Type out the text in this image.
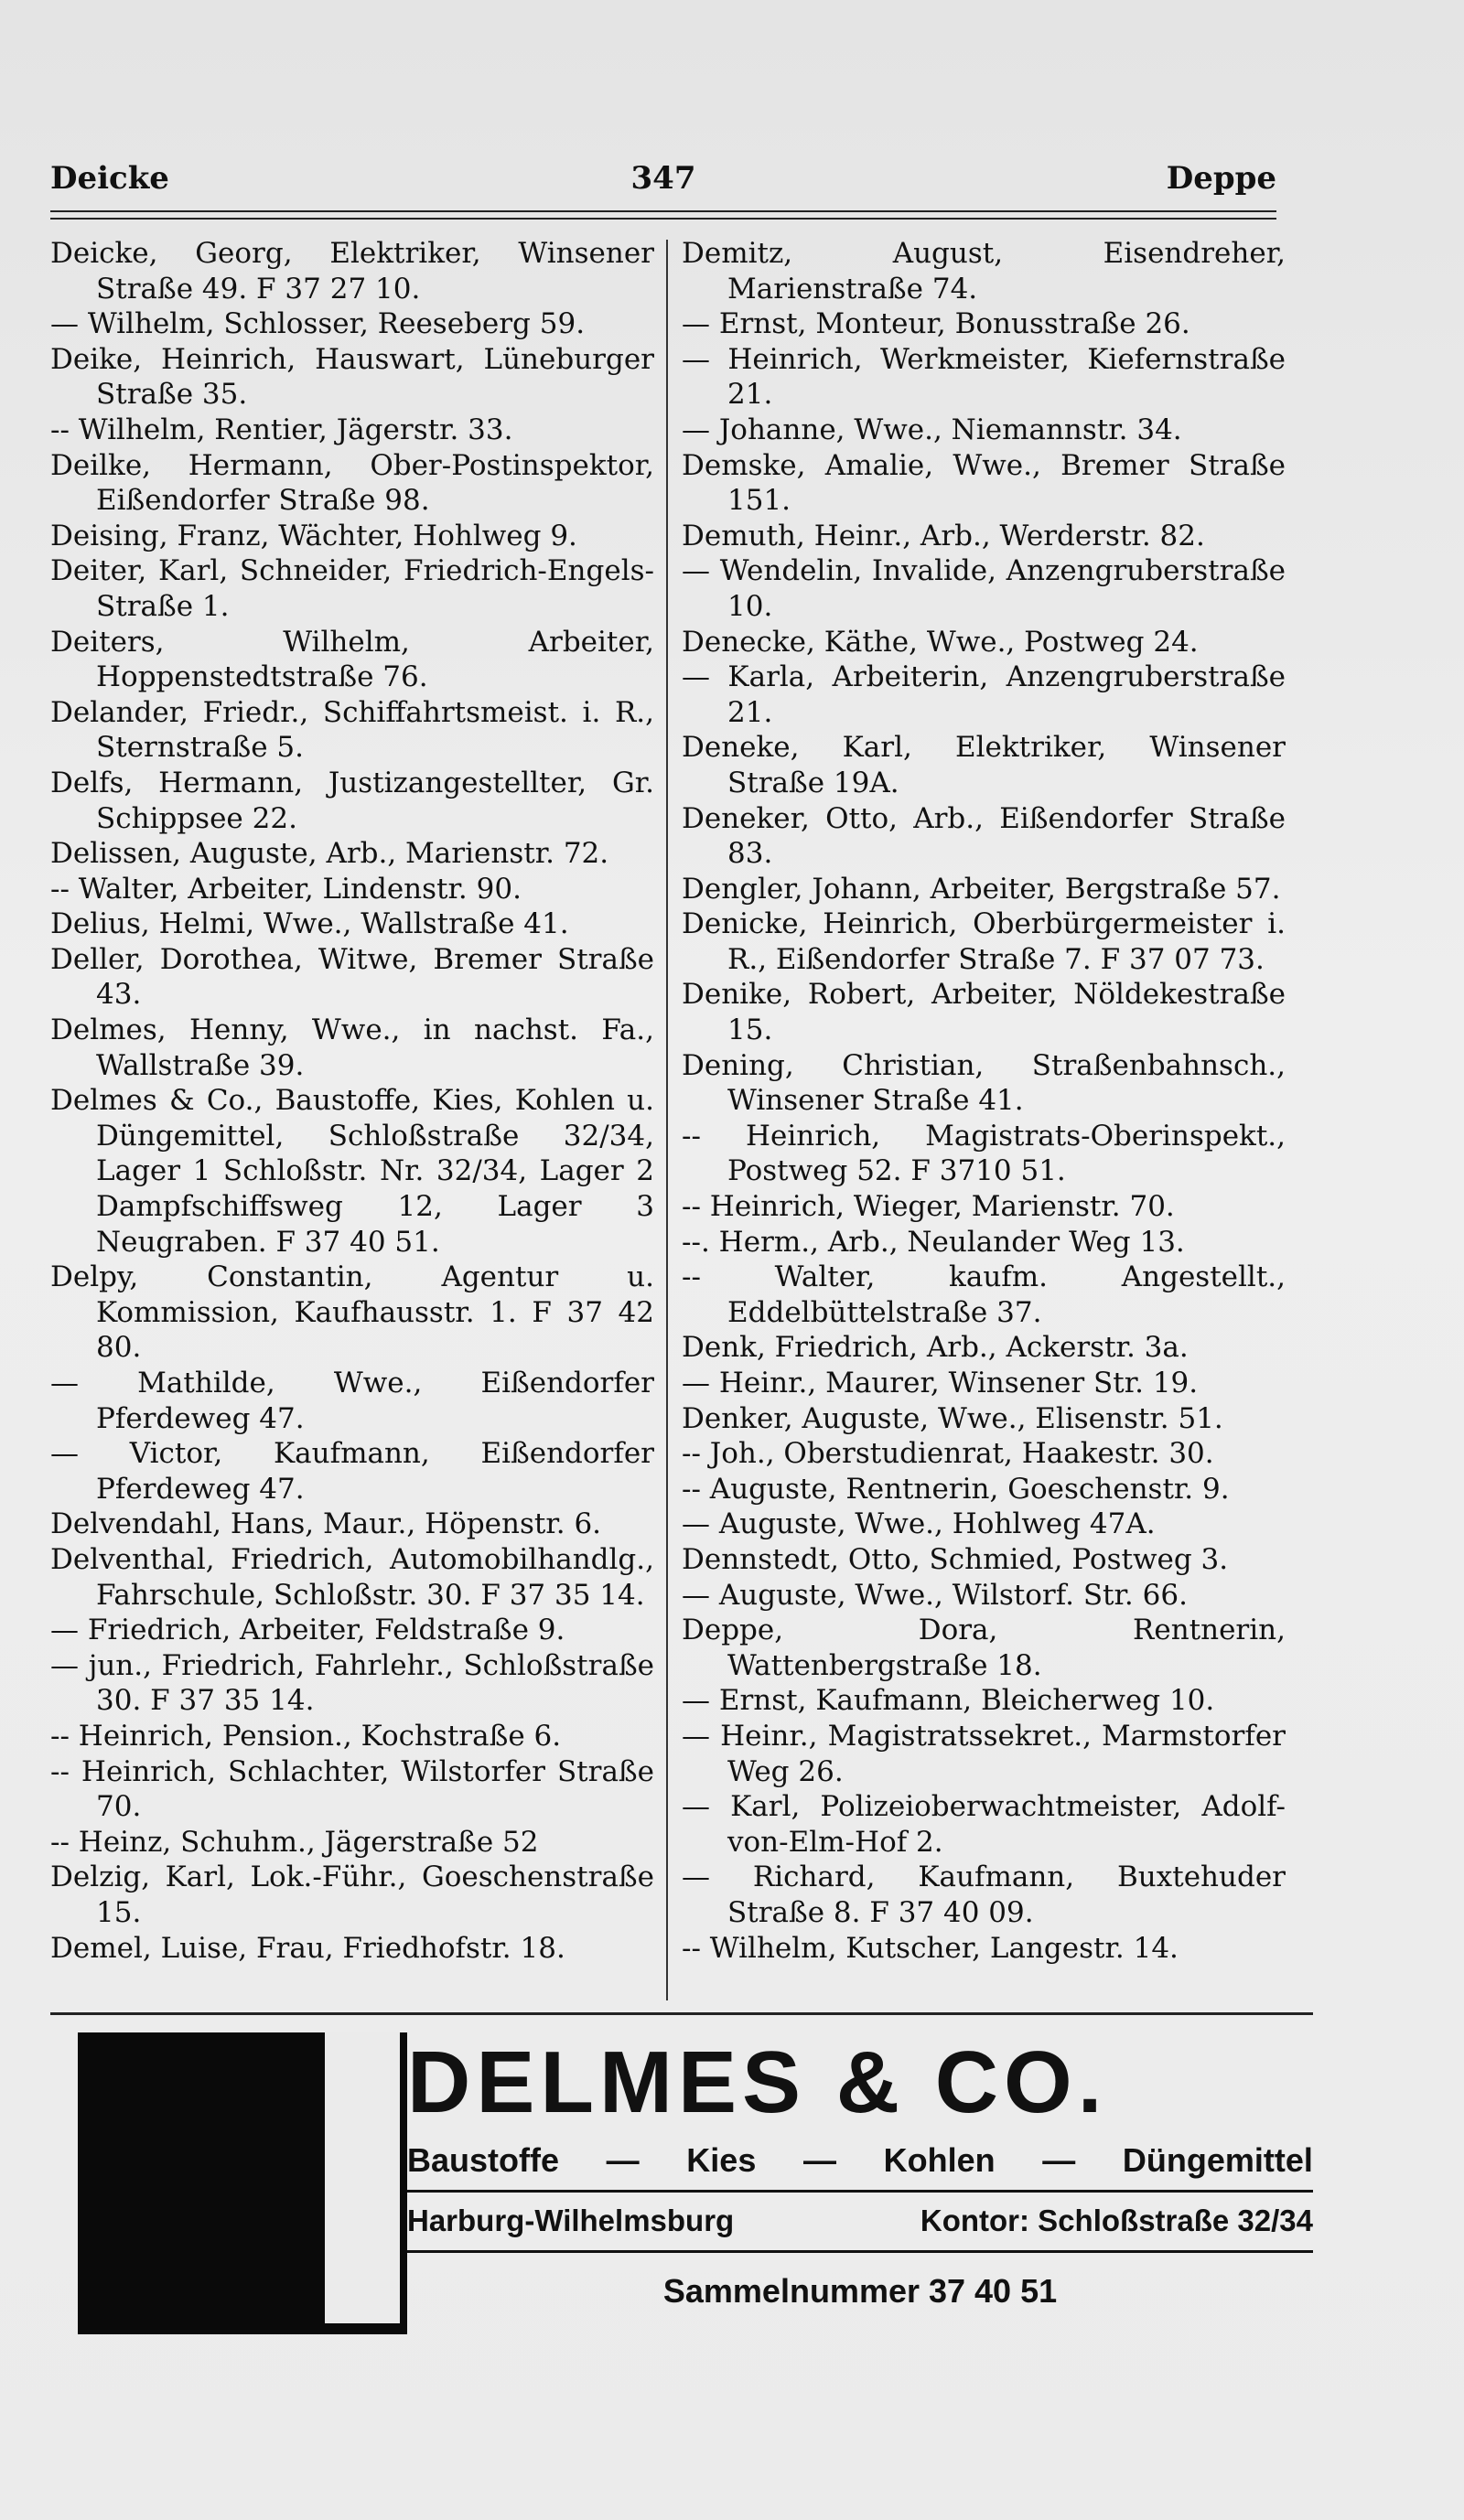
Deicke	347	Deppe
Deicke, Georg, Elektriker, Winsener Straße 49. F 37 27 10.
— Wilhelm, Schlosser, Reeseberg 59.
Deike, Heinrich, Hauswart, Lüneburger Straße 35.
-- Wilhelm, Rentier, Jägerstr. 33.
Deilke, Hermann, Ober-Postinspektor, Eißendorfer Straße 98.
Deising, Franz, Wächter, Hohlweg 9.
Deiter, Karl, Schneider, Friedrich-Engels-Straße 1.
Deiters, Wilhelm, Arbeiter, Hoppenstedtstraße 76.
Delander, Friedr., Schiffahrtsmeist. i. R., Sternstraße 5.
Delfs, Hermann, Justizangestellter, Gr. Schippsee 22.
Delissen, Auguste, Arb., Marienstr. 72.
-- Walter, Arbeiter, Lindenstr. 90.
Delius, Helmi, Wwe., Wallstraße 41.
Deller, Dorothea, Witwe, Bremer Straße 43.
Delmes, Henny, Wwe., in nachst. Fa., Wallstraße 39.
Delmes & Co., Baustoffe, Kies, Kohlen u. Düngemittel, Schloßstraße 32/34, Lager 1 Schloßstr. Nr. 32/34, Lager 2 Dampfschiffsweg 12, Lager 3 Neugraben. F 37 40 51.
Delpy, Constantin, Agentur u. Kommission, Kaufhausstr. 1. F 37 42 80.
— Mathilde, Wwe., Eißendorfer Pferdeweg 47.
— Victor, Kaufmann, Eißendorfer Pferdeweg 47.
Delvendahl, Hans, Maur., Höpenstr. 6.
Delventhal, Friedrich, Automobilhandlg., Fahrschule, Schloßstr. 30. F 37 35 14.
— Friedrich, Arbeiter, Feldstraße 9.
— jun., Friedrich, Fahrlehr., Schloßstraße 30. F 37 35 14.
-- Heinrich, Pension., Kochstraße 6.
-- Heinrich, Schlachter, Wilstorfer Straße 70.
-- Heinz, Schuhm., Jägerstraße 52
Delzig, Karl, Lok.-Führ., Goeschenstraße 15.
Demel, Luise, Frau, Friedhofstr. 18.
Demitz, August, Eisendreher, Marienstraße 74.
— Ernst, Monteur, Bonusstraße 26.
— Heinrich, Werkmeister, Kiefernstraße 21.
— Johanne, Wwe., Niemannstr. 34.
Demske, Amalie, Wwe., Bremer Straße 151.
Demuth, Heinr., Arb., Werderstr. 82.
— Wendelin, Invalide, Anzengruberstraße 10.
Denecke, Käthe, Wwe., Postweg 24.
— Karla, Arbeiterin, Anzengruberstraße 21.
Deneke, Karl, Elektriker, Winsener Straße 19A.
Deneker, Otto, Arb., Eißendorfer Straße 83.
Dengler, Johann, Arbeiter, Bergstraße 57.
Denicke, Heinrich, Oberbürgermeister i. R., Eißendorfer Straße 7. F 37 07 73.
Denike, Robert, Arbeiter, Nöldekestraße 15.
Dening, Christian, Straßenbahnsch., Winsener Straße 41.
-- Heinrich, Magistrats-Oberinspekt., Postweg 52. F 3710 51.
-- Heinrich, Wieger, Marienstr. 70.
--. Herm., Arb., Neulander Weg 13.
-- Walter, kaufm. Angestellt., Eddelbüttelstraße 37.
Denk, Friedrich, Arb., Ackerstr. 3a.
— Heinr., Maurer, Winsener Str. 19.
Denker, Auguste, Wwe., Elisenstr. 51.
-- Joh., Oberstudienrat, Haakestr. 30.
-- Auguste, Rentnerin, Goeschenstr. 9.
— Auguste, Wwe., Hohlweg 47A.
Dennstedt, Otto, Schmied, Postweg 3.
— Auguste, Wwe., Wilstorf. Str. 66.
Deppe, Dora, Rentnerin, Wattenbergstraße 18.
— Ernst, Kaufmann, Bleicherweg 10.
— Heinr., Magistratssekret., Marmstorfer Weg 26.
— Karl, Polizeioberwachtmeister, Adolf-von-Elm-Hof 2.
— Richard, Kaufmann, Buxtehuder Straße 8. F 37 40 09.
-- Wilhelm, Kutscher, Langestr. 14.
DELMES & CO.
Baustoffe — Kies — Kohlen — Düngemittel
Harburg-Wilhelmsburg	Kontor: Schloßstraße 32/34
Sammelnummer 37 40 51
